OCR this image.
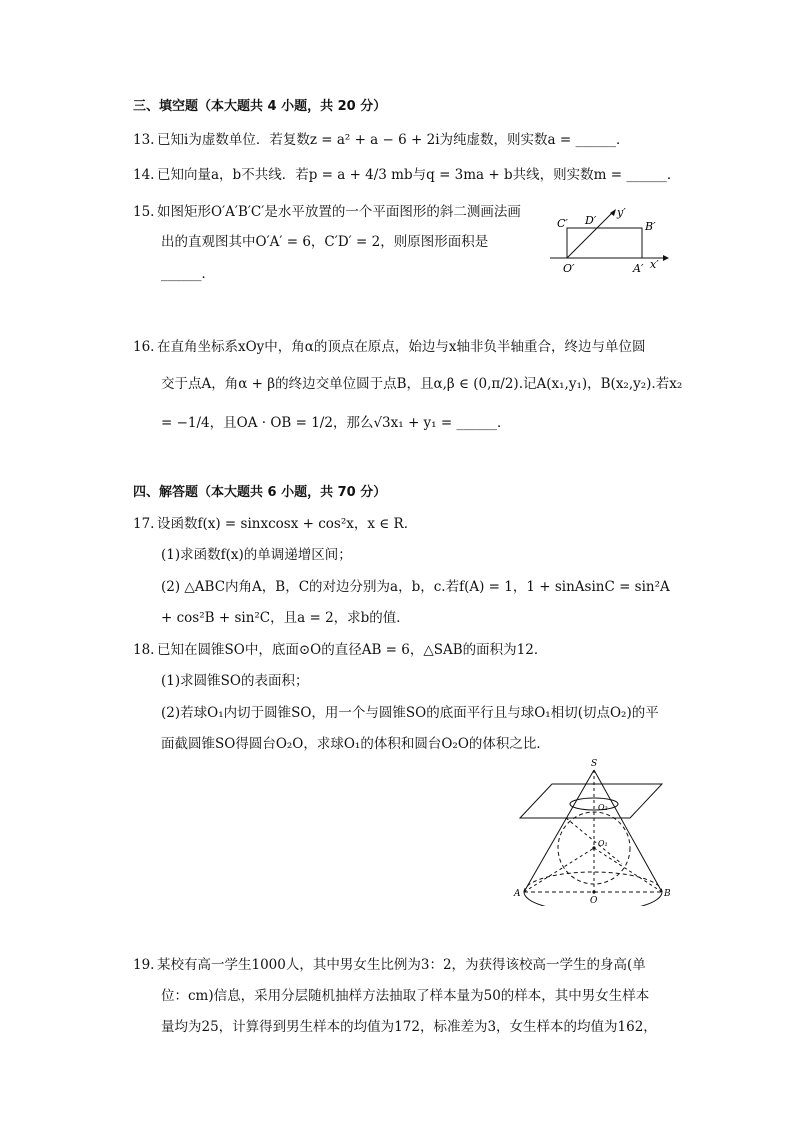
三、填空题（本大题共 4 小题，共 20 分）
13. 已知i为虚数单位．若复数z = a² + a − 6 + 2i为纯虚数，则实数a = ______．
14. 已知向量a，b不共线．若p = a + 4/3 mb与q = 3ma + b共线，则实数m = ______．
15. 如图矩形O′A′B′C′是水平放置的一个平面图形的斜二测画法画
出的直观图其中O′A′ = 6，C′D′ = 2，则原图形面积是
______．
C′ D′
y′
B′
O′	A′ x′
16. 在直角坐标系xOy中，角α的顶点在原点，始边与x轴非负半轴重合，终边与单位圆
交于点A，角α + β的终边交单位圆于点B，且α,β ∈ (0,π/2).记A(x₁,y₁)，B(x₂,y₂).若x₂
= −1/4，且OA · OB = 1/2，那么√3x₁ + y₁ = ______．
四、解答题（本大题共 6 小题，共 70 分）
17. 设函数f(x) = sinxcosx + cos²x，x ∈ R．
(1)求函数f(x)的单调递增区间；
(2) △ABC内角A，B，C的对边分别为a，b，c.若f(A) = 1，1 + sinAsinC = sin²A
+ cos²B + sin²C，且a = 2，求b的值．
18. 已知在圆锥SO中，底面⊙O的直径AB = 6，△SAB的面积为12．
(1)求圆锥SO的表面积；
(2)若球O₁内切于圆锥SO，用一个与圆锥SO的底面平行且与球O₁相切(切点O₂)的平
面截圆锥SO得圆台O₂O，求球O₁的体积和圆台O₂O的体积之比．
S
O₂
O₁
O
A	B
19. 某校有高一学生1000人，其中男女生比例为3：2，为获得该校高一学生的身高(单
位：cm)信息，采用分层随机抽样方法抽取了样本量为50的样本，其中男女生样本
量均为25，计算得到男生样本的均值为172，标准差为3，女生样本的均值为162，
